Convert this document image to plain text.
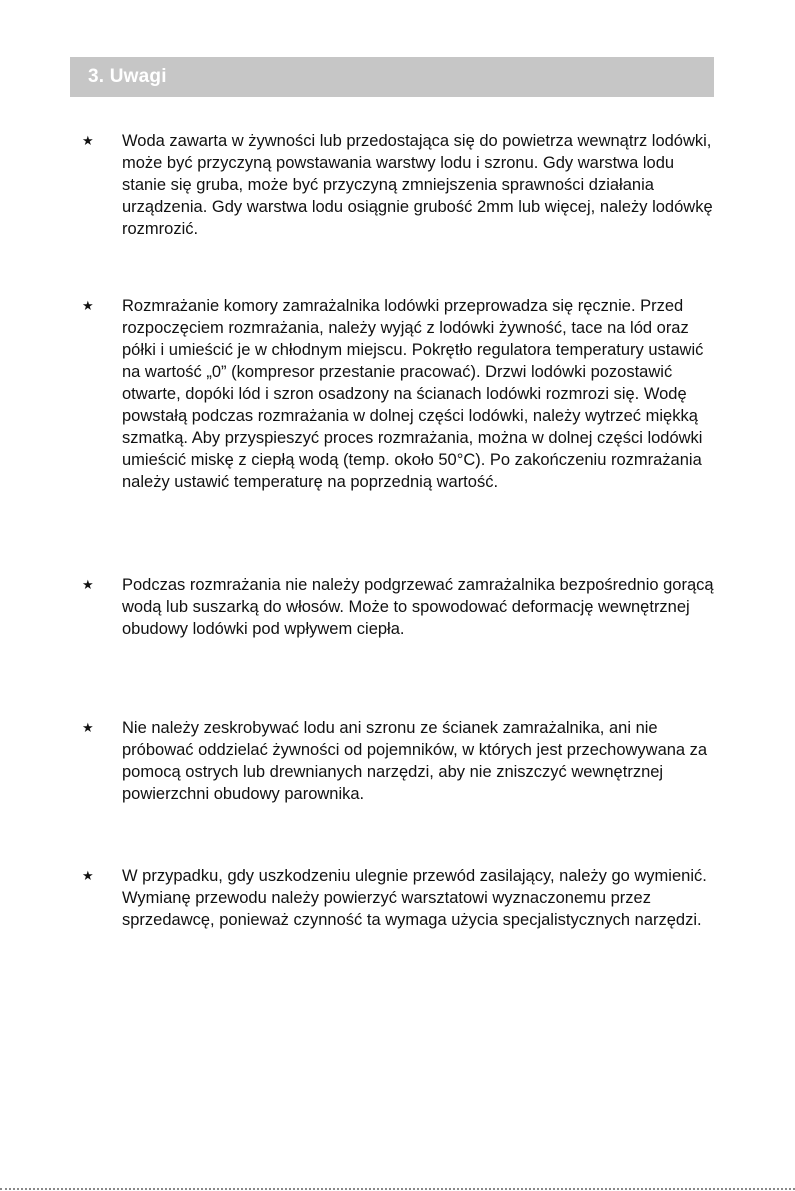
3. Uwagi
★ Woda zawarta w żywności lub przedostająca się do powietrza wewnątrz lodówki, może być przyczyną powstawania warstwy lodu i szronu. Gdy warstwa lodu stanie się gruba, może być przyczyną zmniejszenia sprawności działania urządzenia. Gdy warstwa lodu osiągnie grubość 2mm lub więcej, należy lodówkę rozmrozić.

★ Rozmrażanie komory zamrażalnika lodówki przeprowadza się ręcznie. Przed rozpoczęciem rozmrażania, należy wyjąć z lodówki żywność, tace na lód oraz półki i umieścić je w chłodnym miejscu. Pokrętło regulatora temperatury ustawić na wartość „0” (kompresor przestanie pracować). Drzwi lodówki pozostawić otwarte, dopóki lód i szron osadzony na ścianach lodówki rozmrozi się. Wodę powstałą podczas rozmrażania w dolnej części lodówki, należy wytrzeć miękką szmatką. Aby przyspieszyć proces rozmrażania, można w dolnej części lodówki umieścić miskę z ciepłą wodą (temp. około 50°C). Po zakończeniu rozmrażania należy ustawić temperaturę na poprzednią wartość.

★ Podczas rozmrażania nie należy podgrzewać zamrażalnika bezpośrednio gorącą wodą lub suszarką do włosów. Może to spowodować deformację wewnętrznej obudowy lodówki pod wpływem ciepła.

★ Nie należy zeskrobywać lodu ani szronu ze ścianek zamrażalnika, ani nie próbować oddzielać żywności od pojemników, w których jest przechowywana za pomocą ostrych lub drewnianych narzędzi, aby nie zniszczyć wewnętrznej powierzchni obudowy parownika.

★ W przypadku, gdy uszkodzeniu ulegnie przewód zasilający, należy go wymienić. Wymianę przewodu należy powierzyć warsztatowi wyznaczonemu przez sprzedawcę, ponieważ czynność ta wymaga użycia specjalistycznych narzędzi.
